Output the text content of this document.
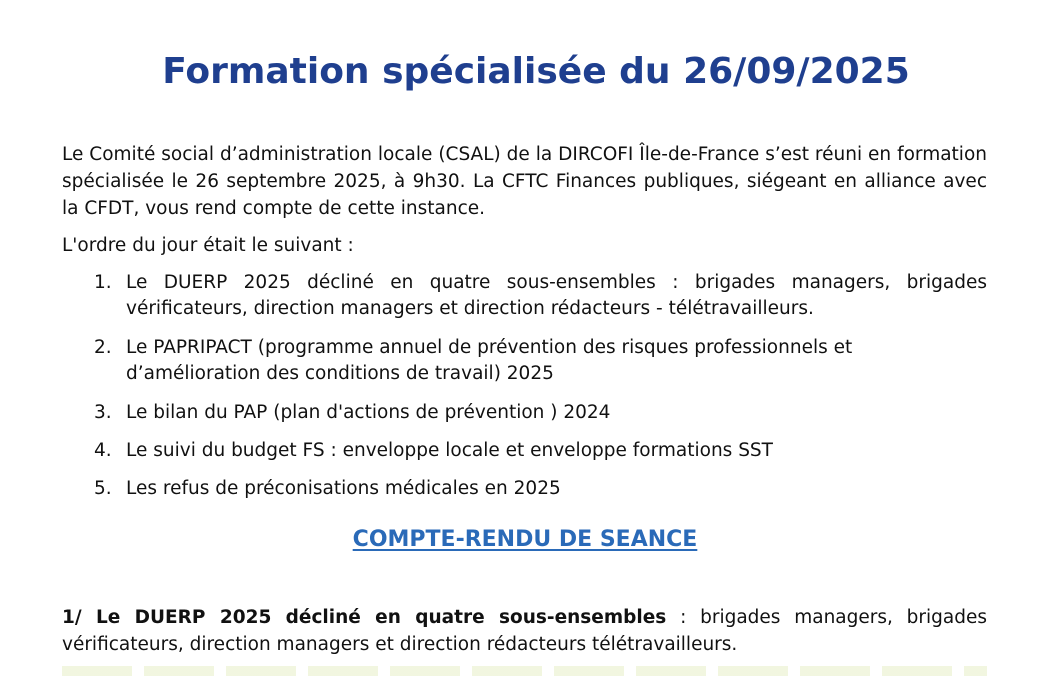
Formation spécialisée du 26/09/2025

Le Comité social d’administration locale (CSAL) de la DIRCOFI Île-de-France s’est réuni en formation spécialisée le 26 septembre 2025, à 9h30. La CFTC Finances publiques, siégeant en alliance avec la CFDT, vous rend compte de cette instance.

L'ordre du jour était le suivant :

1. Le DUERP 2025 décliné en quatre sous-ensembles : brigades managers, brigades vérificateurs, direction managers et direction rédacteurs - télétravailleurs.
2. Le PAPRIPACT (programme annuel de prévention des risques professionnels et d’amélioration des conditions de travail) 2025
3. Le bilan du PAP (plan d'actions de prévention ) 2024
4. Le suivi du budget FS : enveloppe locale et enveloppe formations SST
5. Les refus de préconisations médicales en 2025
COMPTE-RENDU DE SEANCE

1/ Le DUERP 2025 décliné en quatre sous-ensembles : brigades managers, brigades vérificateurs, direction managers et direction rédacteurs télétravailleurs.
